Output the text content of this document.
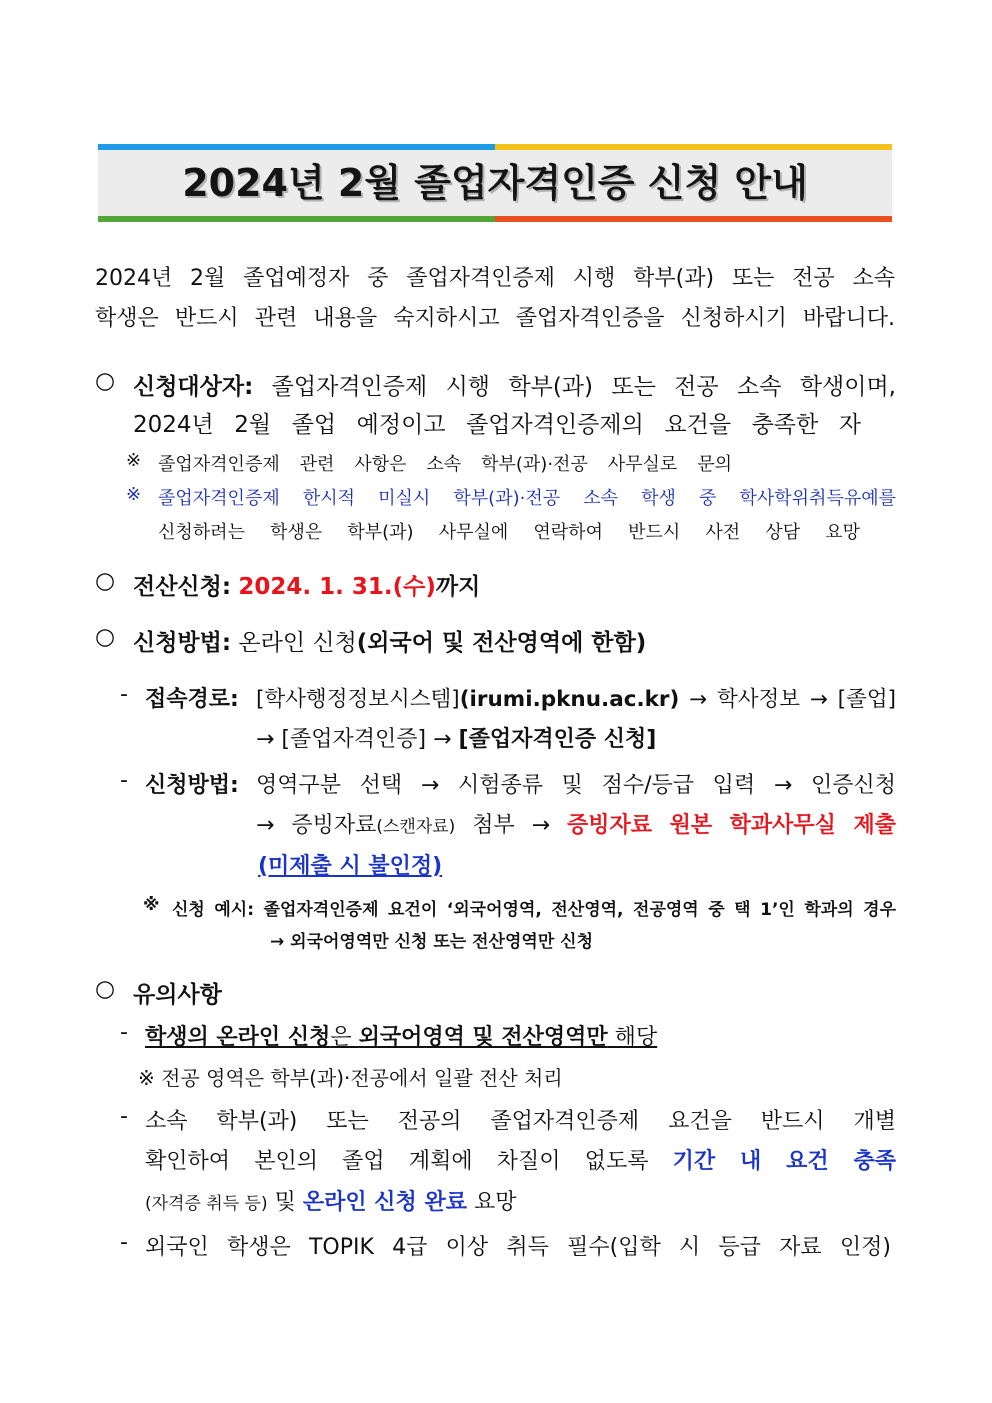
2024년 2월 졸업자격인증 신청 안내
2024년 2월 졸업예정자 중 졸업자격인증제 시행 학부(과) 또는 전공 소속
학생은 반드시 관련 내용을 숙지하시고 졸업자격인증을 신청하시기 바랍니다.
○ 신청대상자: 졸업자격인증제 시행 학부(과) 또는 전공 소속 학생이며,
2024년 2월 졸업 예정이고 졸업자격인증제의 요건을 충족한 자
※ 졸업자격인증제 관련 사항은 소속 학부(과)·전공 사무실로 문의
※ 졸업자격인증제 한시적 미실시 학부(과)·전공 소속 학생 중 학사학위취득유예를
신청하려는 학생은 학부(과) 사무실에 연락하여 반드시 사전 상담 요망
○ 전산신청: 2024. 1. 31.(수)까지
○ 신청방법: 온라인 신청(외국어 및 전산영역에 한함)
- 접속경로: [학사행정정보시스템](irumi.pknu.ac.kr) → 학사정보 → [졸업]
→ [졸업자격인증] → [졸업자격인증 신청]
- 신청방법: 영역구분 선택 → 시험종류 및 점수/등급 입력 → 인증신청
→ 증빙자료(스캔자료) 첨부 → 증빙자료 원본 학과사무실 제출
(미제출 시 불인정)
※ 신청 예시: 졸업자격인증제 요건이 ‘외국어영역, 전산영역, 전공영역 중 택 1’인 학과의 경우
→ 외국어영역만 신청 또는 전산영역만 신청
○ 유의사항
- 학생의 온라인 신청은 외국어영역 및 전산영역만 해당
※ 전공 영역은 학부(과)·전공에서 일괄 전산 처리
- 소속 학부(과) 또는 전공의 졸업자격인증제 요건을 반드시 개별
확인하여 본인의 졸업 계획에 차질이 없도록 기간 내 요건 충족
(자격증 취득 등) 및 온라인 신청 완료 요망
- 외국인 학생은 TOPIK 4급 이상 취득 필수(입학 시 등급 자료 인정)
